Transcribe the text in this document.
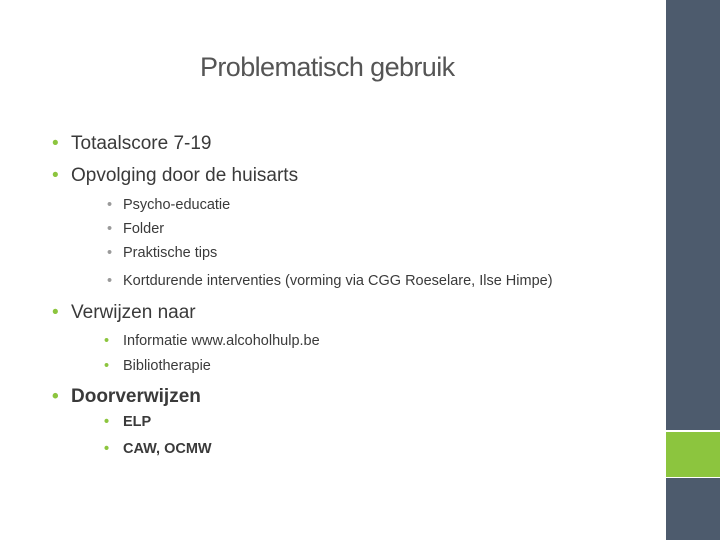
Problematisch gebruik
• Totaalscore 7-19
• Opvolging door de huisarts
• Psycho-educatie
• Folder
• Praktische tips
• Kortdurende interventies (vorming via CGG Roeselare, Ilse Himpe)
• Verwijzen naar
• Informatie www.alcoholhulp.be
• Bibliotherapie
• Doorverwijzen
• ELP
• CAW, OCMW
